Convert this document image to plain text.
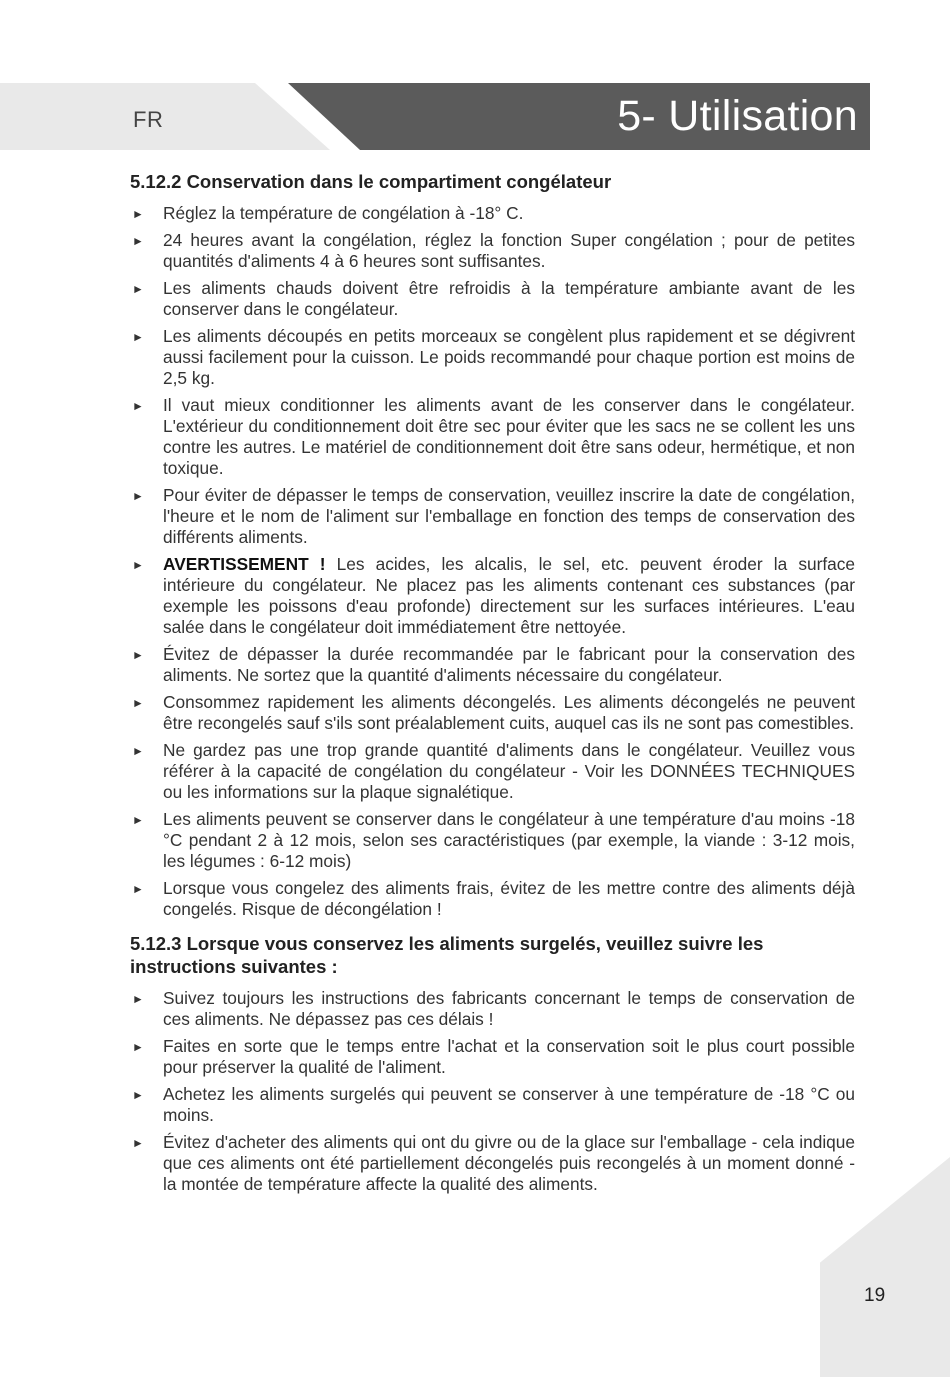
FR	5- Utilisation
5.12.2 Conservation dans le compartiment congélateur
► Réglez la température de congélation à -18° C.
► 24 heures avant la congélation, réglez la fonction Super congélation ; pour de petites quantités d'aliments 4 à 6 heures sont suffisantes.
► Les aliments chauds doivent être refroidis à la température ambiante avant de les conserver dans le congélateur.
► Les aliments découpés en petits morceaux se congèlent plus rapidement et se dégivrent aussi facilement pour la cuisson. Le poids recommandé pour chaque portion est moins de 2,5 kg.
► Il vaut mieux conditionner les aliments avant de les conserver dans le congélateur. L'extérieur du conditionnement doit être sec pour éviter que les sacs ne se collent les uns contre les autres. Le matériel de conditionnement doit être sans odeur, hermétique, et non toxique.
► Pour éviter de dépasser le temps de conservation, veuillez inscrire la date de congélation, l'heure et le nom de l'aliment sur l'emballage en fonction des temps de conservation des différents aliments.
► AVERTISSEMENT ! Les acides, les alcalis, le sel, etc. peuvent éroder la surface intérieure du congélateur. Ne placez pas les aliments contenant ces substances (par exemple les poissons d'eau profonde) directement sur les surfaces intérieures. L'eau salée dans le congélateur doit immédiatement être nettoyée.
► Évitez de dépasser la durée recommandée par le fabricant pour la conservation des aliments. Ne sortez que la quantité d'aliments nécessaire du congélateur.
► Consommez rapidement les aliments décongelés. Les aliments décongelés ne peuvent être recongelés sauf s'ils sont préalablement cuits, auquel cas ils ne sont pas comestibles.
► Ne gardez pas une trop grande quantité d'aliments dans le congélateur. Veuillez vous référer à la capacité de congélation du congélateur - Voir les DONNÉES TECHNIQUES ou les informations sur la plaque signalétique.
► Les aliments peuvent se conserver dans le congélateur à une température d'au moins -18 °C pendant 2 à 12 mois, selon ses caractéristiques (par exemple, la viande : 3-12 mois, les légumes : 6-12 mois)
► Lorsque vous congelez des aliments frais, évitez de les mettre contre des aliments déjà congelés. Risque de décongélation !
5.12.3 Lorsque vous conservez les aliments surgelés, veuillez suivre les instructions suivantes :
► Suivez toujours les instructions des fabricants concernant le temps de conservation de ces aliments. Ne dépassez pas ces délais !
► Faites en sorte que le temps entre l'achat et la conservation soit le plus court possible pour préserver la qualité de l'aliment.
► Achetez les aliments surgelés qui peuvent se conserver à une température de -18 °C ou moins.
► Évitez d'acheter des aliments qui ont du givre ou de la glace sur l'emballage - cela indique que ces aliments ont été partiellement décongelés puis recongelés à un moment donné - la montée de température affecte la qualité des aliments.
19
